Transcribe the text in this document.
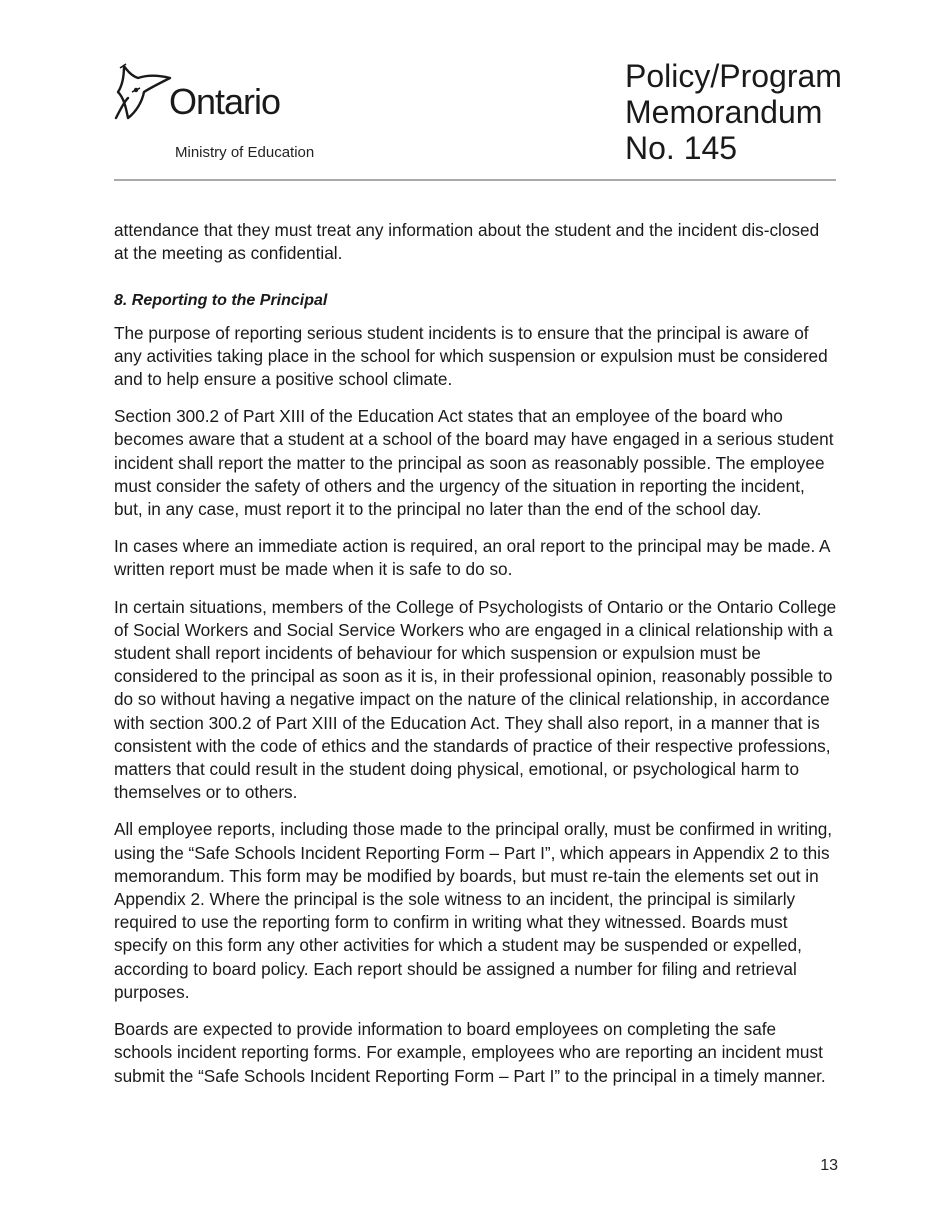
Ontario
Ministry of Education
Policy/Program
Memorandum
No. 145

attendance that they must treat any information about the student and the incident dis-closed at the meeting as confidential.

8. Reporting to the Principal

The purpose of reporting serious student incidents is to ensure that the principal is aware of any activities taking place in the school for which suspension or expulsion must be considered and to help ensure a positive school climate.

Section 300.2 of Part XIII of the Education Act states that an employee of the board who becomes aware that a student at a school of the board may have engaged in a serious student incident shall report the matter to the principal as soon as reasonably possible. The employee must consider the safety of others and the urgency of the situation in reporting the incident, but, in any case, must report it to the principal no later than the end of the school day.

In cases where an immediate action is required, an oral report to the principal may be made. A written report must be made when it is safe to do so.

In certain situations, members of the College of Psychologists of Ontario or the Ontario College of Social Workers and Social Service Workers who are engaged in a clinical relationship with a student shall report incidents of behaviour for which suspension or expulsion must be considered to the principal as soon as it is, in their professional opinion, reasonably possible to do so without having a negative impact on the nature of the clinical relationship, in accordance with section 300.2 of Part XIII of the Education Act. They shall also report, in a manner that is consistent with the code of ethics and the standards of practice of their respective professions, matters that could result in the student doing physical, emotional, or psychological harm to themselves or to others.

All employee reports, including those made to the principal orally, must be confirmed in writing, using the “Safe Schools Incident Reporting Form – Part I”, which appears in Appendix 2 to this memorandum. This form may be modified by boards, but must re-tain the elements set out in Appendix 2. Where the principal is the sole witness to an incident, the principal is similarly required to use the reporting form to confirm in writing what they witnessed. Boards must specify on this form any other activities for which a student may be suspended or expelled, according to board policy. Each report should be assigned a number for filing and retrieval purposes.

Boards are expected to provide information to board employees on completing the safe schools incident reporting forms. For example, employees who are reporting an incident must submit the “Safe Schools Incident Reporting Form – Part I” to the principal in a timely manner.

13
